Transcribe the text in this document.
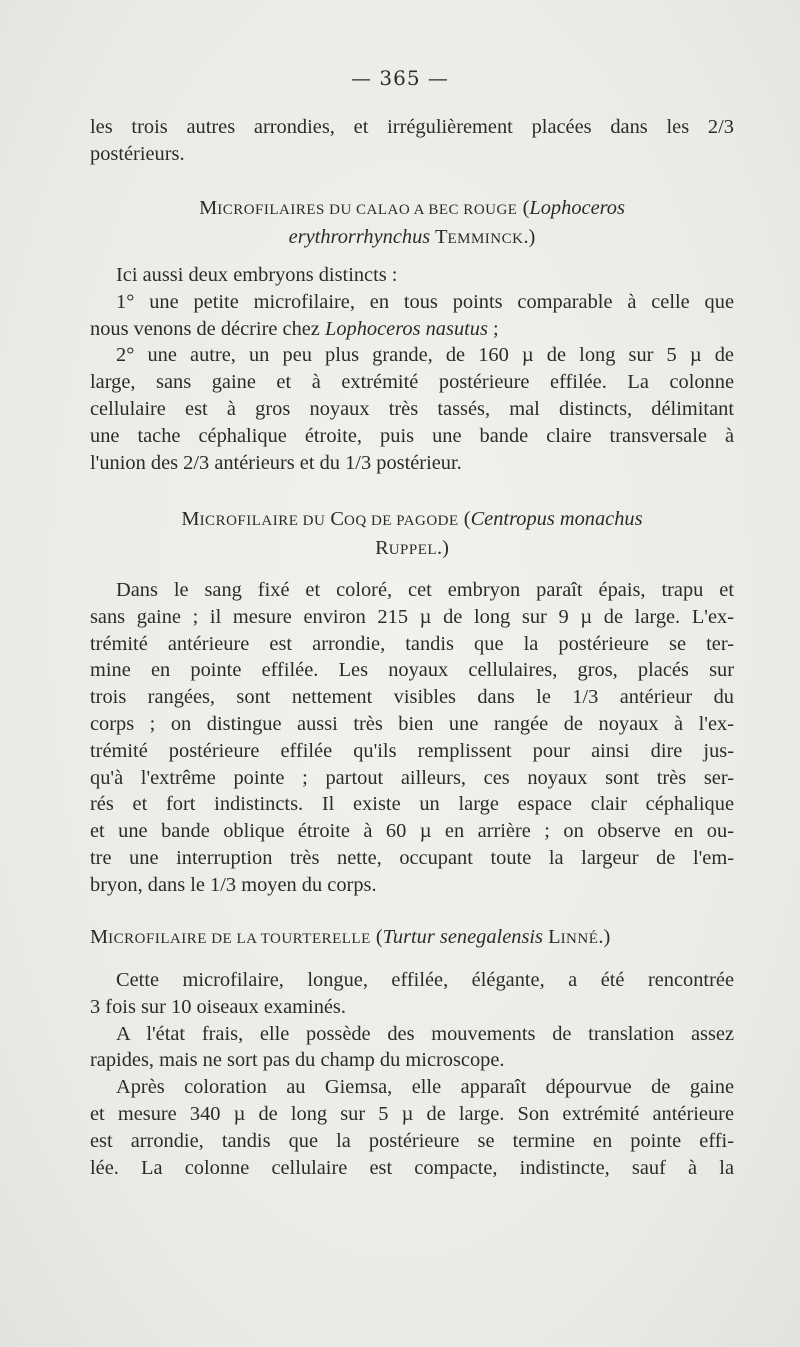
— 365 —
les trois autres arrondies, et irrégulièrement placées dans les 2/3
postérieurs.
MICROFILAIRES DU CALAO A BEC ROUGE (Lophoceros
erythrorrhynchus TEMMINCK.)
Ici aussi deux embryons distincts :
1° une petite microfilaire, en tous points comparable à celle que
nous venons de décrire chez Lophoceros nasutus ;
2° une autre, un peu plus grande, de 160 µ de long sur 5 µ de
large, sans gaine et à extrémité postérieure effilée. La colonne
cellulaire est à gros noyaux très tassés, mal distincts, délimitant
une tache céphalique étroite, puis une bande claire transversale à
l'union des 2/3 antérieurs et du 1/3 postérieur.
MICROFILAIRE DU COQ DE PAGODE (Centropus monachus
RUPPEL.)
Dans le sang fixé et coloré, cet embryon paraît épais, trapu et
sans gaine ; il mesure environ 215 µ de long sur 9 µ de large. L'ex-
trémité antérieure est arrondie, tandis que la postérieure se ter-
mine en pointe effilée. Les noyaux cellulaires, gros, placés sur
trois rangées, sont nettement visibles dans le 1/3 antérieur du
corps ; on distingue aussi très bien une rangée de noyaux à l'ex-
trémité postérieure effilée qu'ils remplissent pour ainsi dire jus-
qu'à l'extrême pointe ; partout ailleurs, ces noyaux sont très ser-
rés et fort indistincts. Il existe un large espace clair céphalique
et une bande oblique étroite à 60 µ en arrière ; on observe en ou-
tre une interruption très nette, occupant toute la largeur de l'em-
bryon, dans le 1/3 moyen du corps.
MICROFILAIRE DE LA TOURTERELLE (Turtur senegalensis LINNÉ.)
Cette microfilaire, longue, effilée, élégante, a été rencontrée
3 fois sur 10 oiseaux examinés.
A l'état frais, elle possède des mouvements de translation assez
rapides, mais ne sort pas du champ du microscope.
Après coloration au Giemsa, elle apparaît dépourvue de gaine
et mesure 340 µ de long sur 5 µ de large. Son extrémité antérieure
est arrondie, tandis que la postérieure se termine en pointe effi-
lée. La colonne cellulaire est compacte, indistincte, sauf à la
